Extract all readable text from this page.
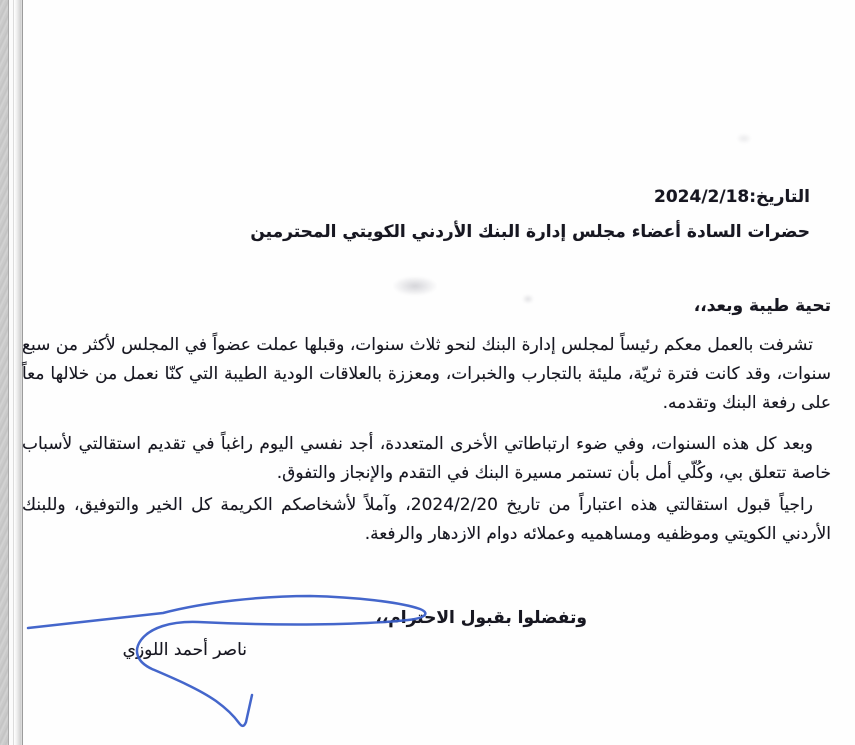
التاريخ:2024/2/18
حضرات السادة أعضاء مجلس إدارة البنك الأردني الكويتي المحترمين
تحية طيبة وبعد،،

تشرفت بالعمل معكم رئيساً لمجلس إدارة البنك لنحو ثلاث سنوات، وقبلها عملت عضواً في المجلس لأكثر من سبع سنوات، وقد كانت فترة ثريّة، مليئة بالتجارب والخبرات، ومعززة بالعلاقات الودية الطيبة التي كنّا نعمل من خلالها معاً على رفعة البنك وتقدمه.

وبعد كل هذه السنوات، وفي ضوء ارتباطاتي الأخرى المتعددة، أجد نفسي اليوم راغباً في تقديم استقالتي لأسباب خاصة تتعلق بي، وكُلّي أمل بأن تستمر مسيرة البنك في التقدم والإنجاز والتفوق.

راجياً قبول استقالتي هذه اعتباراً من تاريخ 2024/2/20، وآملاً لأشخاصكم الكريمة كل الخير والتوفيق، وللبنك الأردني الكويتي وموظفيه ومساهميه وعملائه دوام الازدهار والرفعة.

وتفضلوا بقبول الاحترام،،
ناصر أحمد اللوزي
